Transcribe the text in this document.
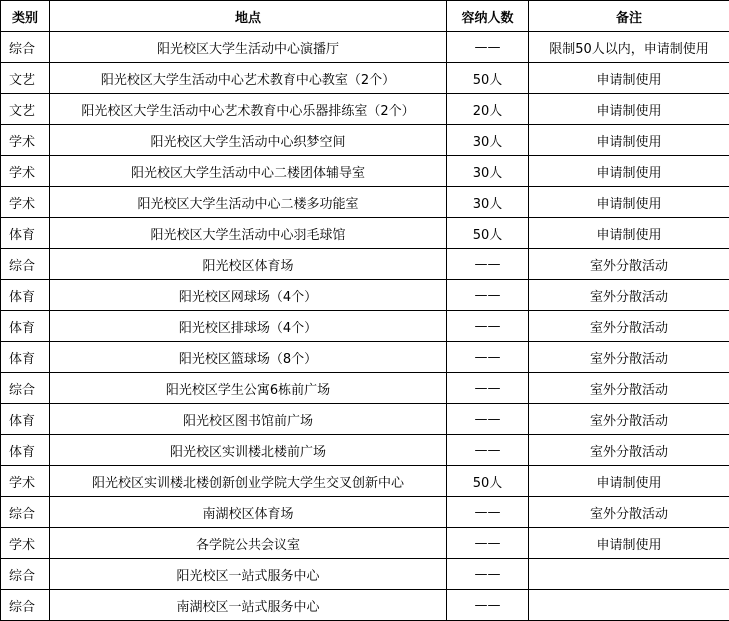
类别	地点	容纳人数	备注
综合	阳光校区大学生活动中心演播厅	——	限制50人以内，申请制使用
文艺	阳光校区大学生活动中心艺术教育中心教室（2个）	50人	申请制使用
文艺	阳光校区大学生活动中心艺术教育中心乐器排练室（2个）	20人	申请制使用
学术	阳光校区大学生活动中心织梦空间	30人	申请制使用
学术	阳光校区大学生活动中心二楼团体辅导室	30人	申请制使用
学术	阳光校区大学生活动中心二楼多功能室	30人	申请制使用
体育	阳光校区大学生活动中心羽毛球馆	50人	申请制使用
综合	阳光校区体育场	——	室外分散活动
体育	阳光校区网球场（4个）	——	室外分散活动
体育	阳光校区排球场（4个）	——	室外分散活动
体育	阳光校区篮球场（8个）	——	室外分散活动
综合	阳光校区学生公寓6栋前广场	——	室外分散活动
体育	阳光校区图书馆前广场	——	室外分散活动
体育	阳光校区实训楼北楼前广场	——	室外分散活动
学术	阳光校区实训楼北楼创新创业学院大学生交叉创新中心	50人	申请制使用
综合	南湖校区体育场	——	室外分散活动
学术	各学院公共会议室	——	申请制使用
综合	阳光校区一站式服务中心	——	
综合	南湖校区一站式服务中心	——	
